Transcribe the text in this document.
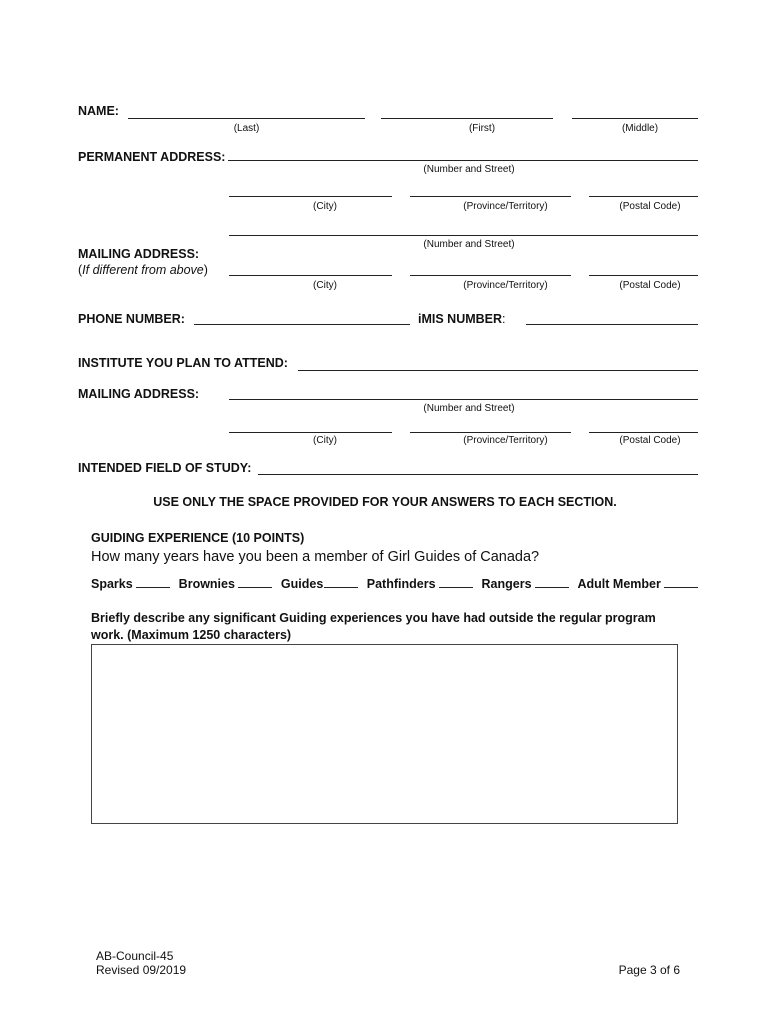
NAME:
(Last)	(First)	(Middle)
PERMANENT ADDRESS:
(Number and Street)
(City)	(Province/Territory)	(Postal Code)
(Number and Street)
MAILING ADDRESS:
(If different from above)
(City)	(Province/Territory)	(Postal Code)
PHONE NUMBER:	iMIS NUMBER:
INSTITUTE YOU PLAN TO ATTEND:
MAILING ADDRESS:
(Number and Street)
(City)	(Province/Territory)	(Postal Code)
INTENDED FIELD OF STUDY:
USE ONLY THE SPACE PROVIDED FOR YOUR ANSWERS TO EACH SECTION.
GUIDING EXPERIENCE (10 POINTS)
How many years have you been a member of Girl Guides of Canada?
Sparks	Brownies	Guides	Pathfinders	Rangers	Adult Member
Briefly describe any significant Guiding experiences you have had outside the regular program
work. (Maximum 1250 characters)
AB-Council-45
Revised 09/2019	Page 3 of 6
